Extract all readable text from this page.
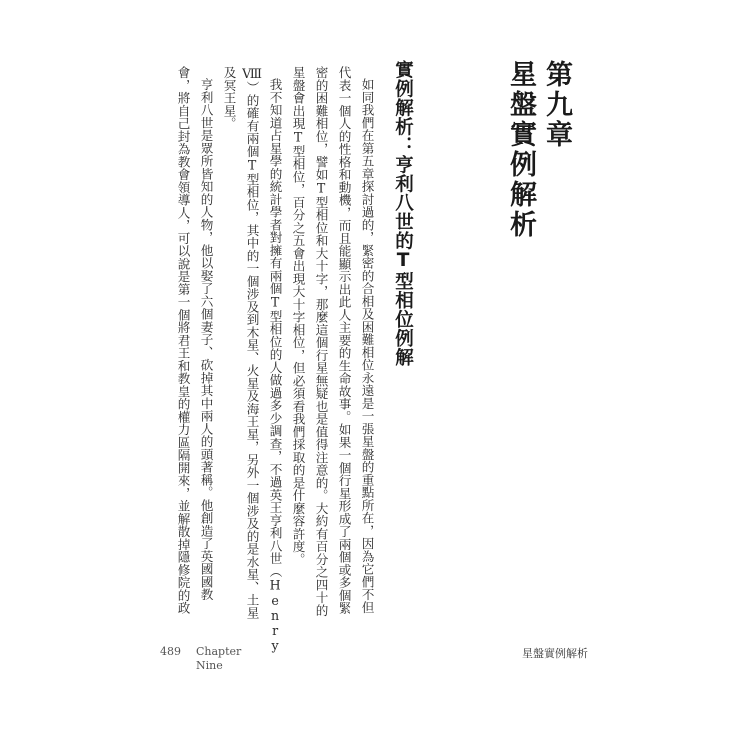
第九章
星盤實例解析
實例解析：亨利八世的T型相位例解
如同我們在第五章探討過的，緊密的合相及困難相位永遠是一張星盤的重點所在，因為它們不但
代表一個人的性格和動機，而且能顯示出此人主要的生命故事。如果一個行星形成了兩個或多個緊
密的困難相位，譬如T型相位和大十字，那麼這個行星無疑也是值得注意的。大約有百分之四十的
星盤會出現T型相位，百分之五會出現大十字相位，但必須看我們採取的是什麼容許度。
我不知道占星學的統計學者對擁有兩個T型相位的人做過多少調查，不過英王亨利八世（Henry
Ⅷ）的確有兩個T型相位，其中的一個涉及到木星、火星及海王星，另外一個涉及的是水星、土星
及冥王星。
亨利八世是眾所皆知的人物，他以娶了六個妻子、砍掉其中兩人的頭著稱。他創造了英國國教
會，將自己封為教會領導人，可以說是第一個將君王和教皇的權力區隔開來，並解散掉隱修院的政
489 Chapter
Nine
星盤實例解析
